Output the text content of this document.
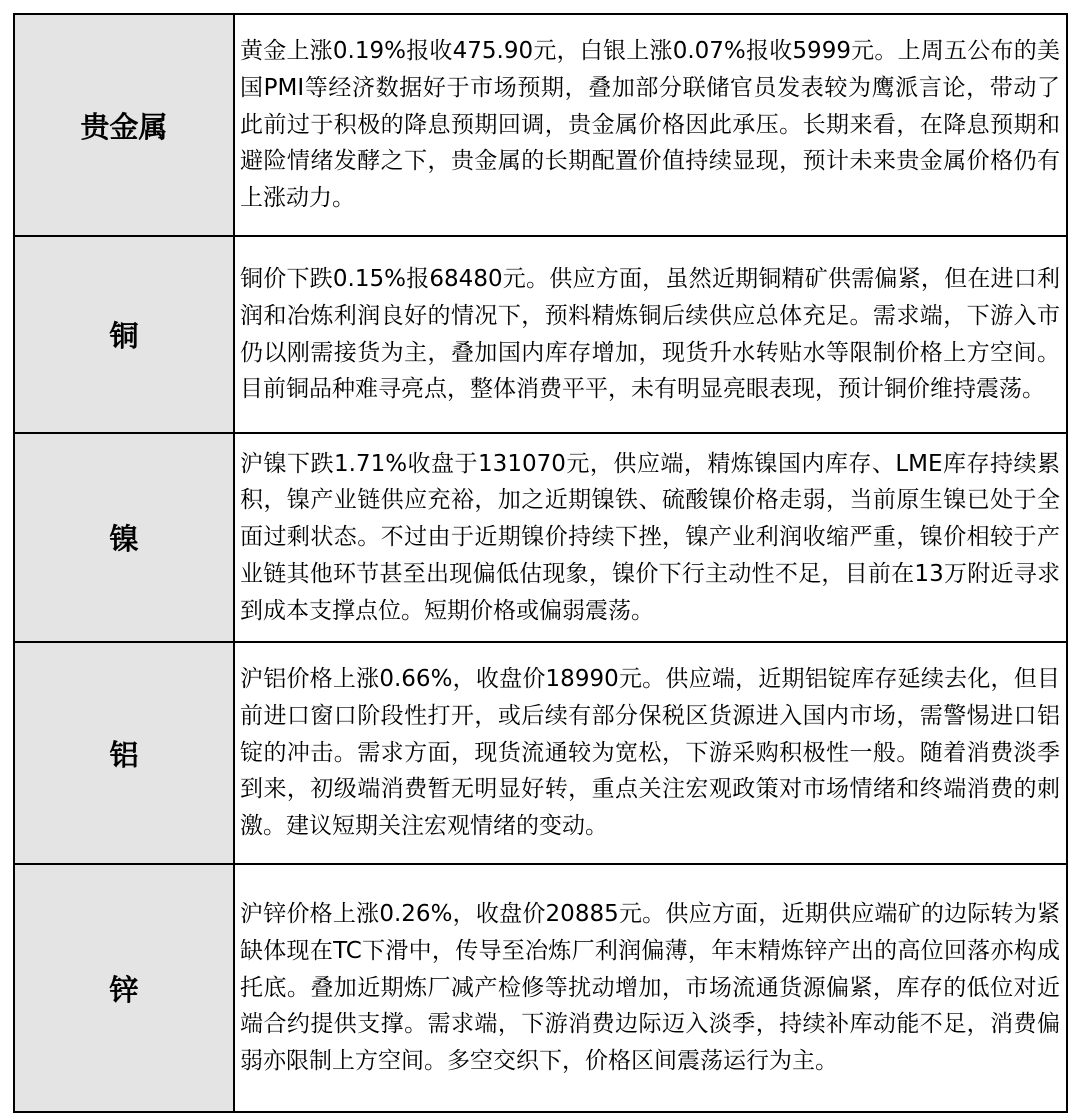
贵金属	黄金上涨0.19%报收475.90元，白银上涨0.07%报收5999元。上周五公布的美国PMI等经济数据好于市场预期，叠加部分联储官员发表较为鹰派言论，带动了此前过于积极的降息预期回调，贵金属价格因此承压。长期来看，在降息预期和避险情绪发酵之下，贵金属的长期配置价值持续显现，预计未来贵金属价格仍有上涨动力。

铜	铜价下跌0.15%报68480元。供应方面，虽然近期铜精矿供需偏紧，但在进口利润和冶炼利润良好的情况下，预料精炼铜后续供应总体充足。需求端，下游入市仍以刚需接货为主，叠加国内库存增加，现货升水转贴水等限制价格上方空间。目前铜品种难寻亮点，整体消费平平，未有明显亮眼表现，预计铜价维持震荡。

镍	沪镍下跌1.71%收盘于131070元，供应端，精炼镍国内库存、LME库存持续累积，镍产业链供应充裕，加之近期镍铁、硫酸镍价格走弱，当前原生镍已处于全面过剩状态。不过由于近期镍价持续下挫，镍产业利润收缩严重，镍价相较于产业链其他环节甚至出现偏低估现象，镍价下行主动性不足，目前在13万附近寻求到成本支撑点位。短期价格或偏弱震荡。

铝	沪铝价格上涨0.66%，收盘价18990元。供应端，近期铝锭库存延续去化，但目前进口窗口阶段性打开，或后续有部分保税区货源进入国内市场，需警惕进口铝锭的冲击。需求方面，现货流通较为宽松，下游采购积极性一般。随着消费淡季到来，初级端消费暂无明显好转，重点关注宏观政策对市场情绪和终端消费的刺激。建议短期关注宏观情绪的变动。

锌	沪锌价格上涨0.26%，收盘价20885元。供应方面，近期供应端矿的边际转为紧缺体现在TC下滑中，传导至冶炼厂利润偏薄，年末精炼锌产出的高位回落亦构成托底。叠加近期炼厂减产检修等扰动增加，市场流通货源偏紧，库存的低位对近端合约提供支撑。需求端，下游消费边际迈入淡季，持续补库动能不足，消费偏弱亦限制上方空间。多空交织下，价格区间震荡运行为主。
